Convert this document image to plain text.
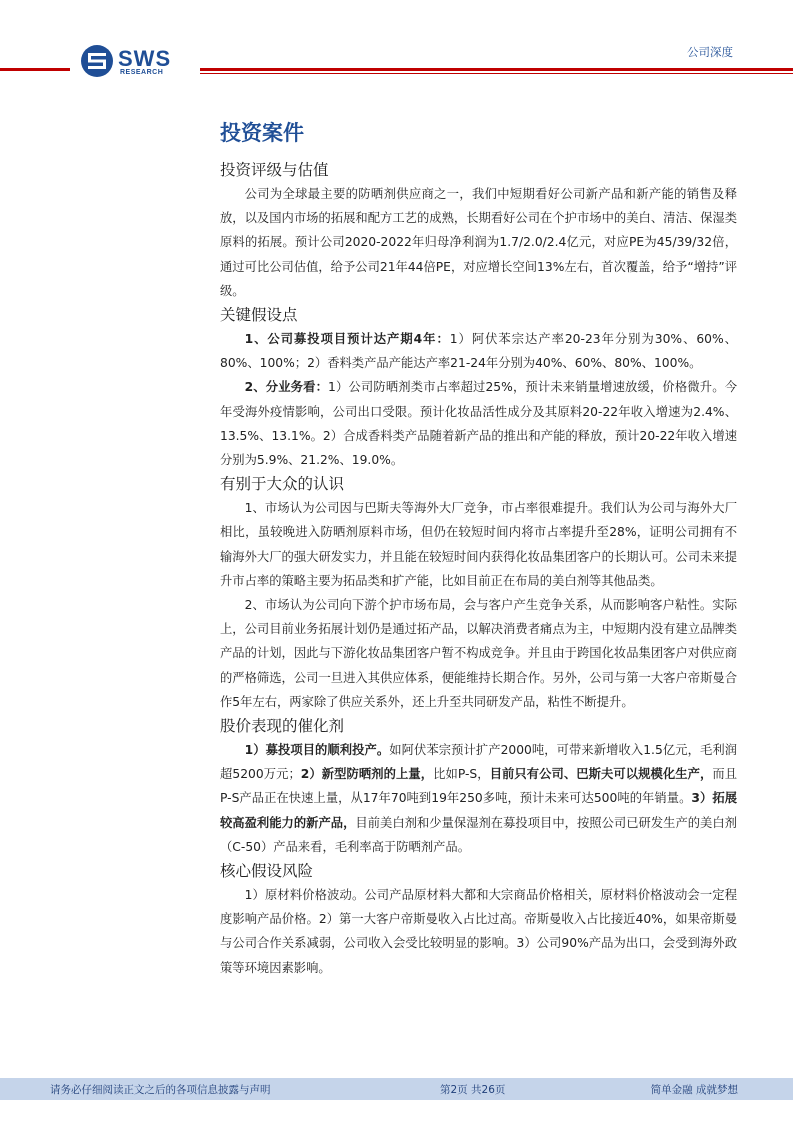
SWS
RESEARCH
公司深度
投资案件
投资评级与估值

公司为全球最主要的防晒剂供应商之一，我们中短期看好公司新产品和新产能的销售及释放，以及国内市场的拓展和配方工艺的成熟，长期看好公司在个护市场中的美白、清洁、保湿类原料的拓展。预计公司2020-2022年归母净利润为1.7/2.0/2.4亿元，对应PE为45/39/32倍，通过可比公司估值，给予公司21年44倍PE，对应增长空间13%左右，首次覆盖，给予“增持”评级。

关键假设点

1、公司募投项目预计达产期4年：1）阿伏苯宗达产率20-23年分别为30%、60%、80%、100%；2）香料类产品产能达产率21-24年分别为40%、60%、80%、100%。

2、分业务看：1）公司防晒剂类市占率超过25%，预计未来销量增速放缓，价格微升。今年受海外疫情影响，公司出口受限。预计化妆品活性成分及其原料20-22年收入增速为2.4%、13.5%、13.1%。2）合成香料类产品随着新产品的推出和产能的释放，预计20-22年收入增速分别为5.9%、21.2%、19.0%。

有别于大众的认识

1、市场认为公司因与巴斯夫等海外大厂竞争，市占率很难提升。我们认为公司与海外大厂相比，虽较晚进入防晒剂原料市场，但仍在较短时间内将市占率提升至28%，证明公司拥有不输海外大厂的强大研发实力，并且能在较短时间内获得化妆品集团客户的长期认可。公司未来提升市占率的策略主要为拓品类和扩产能，比如目前正在布局的美白剂等其他品类。

2、市场认为公司向下游个护市场布局，会与客户产生竞争关系，从而影响客户粘性。实际上，公司目前业务拓展计划仍是通过拓产品，以解决消费者痛点为主，中短期内没有建立品牌类产品的计划，因此与下游化妆品集团客户暂不构成竞争。并且由于跨国化妆品集团客户对供应商的严格筛选，公司一旦进入其供应体系，便能维持长期合作。另外，公司与第一大客户帝斯曼合作5年左右，两家除了供应关系外，还上升至共同研发产品，粘性不断提升。

股价表现的催化剂

1）募投项目的顺利投产。如阿伏苯宗预计扩产2000吨，可带来新增收入1.5亿元，毛利润超5200万元；2）新型防晒剂的上量，比如P-S，目前只有公司、巴斯夫可以规模化生产，而且P-S产品正在快速上量，从17年70吨到19年250多吨，预计未来可达500吨的年销量。3）拓展较高盈利能力的新产品，目前美白剂和少量保湿剂在募投项目中，按照公司已研发生产的美白剂（C-50）产品来看，毛利率高于防晒剂产品。

核心假设风险

1）原材料价格波动。公司产品原材料大都和大宗商品价格相关，原材料价格波动会一定程度影响产品价格。2）第一大客户帝斯曼收入占比过高。帝斯曼收入占比接近40%，如果帝斯曼与公司合作关系减弱，公司收入会受比较明显的影响。3）公司90%产品为出口，会受到海外政策等环境因素影响。

请务必仔细阅读正文之后的各项信息披露与声明	第2页 共26页	简单金融 成就梦想
